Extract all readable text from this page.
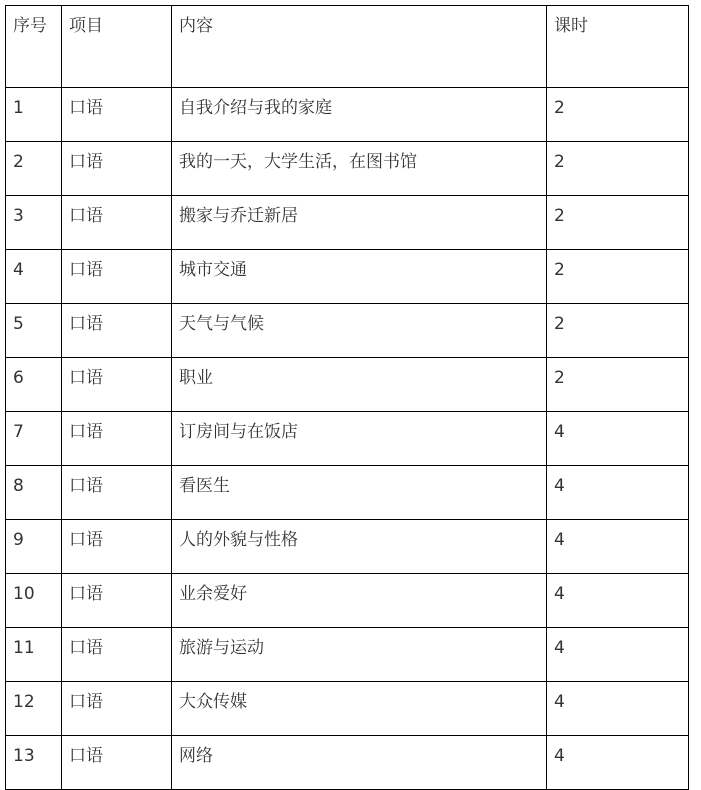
序号	项目	内容	课时

1	口语	自我介绍与我的家庭	2

2	口语	我的一天，大学生活，在图书馆	2

3	口语	搬家与乔迁新居	2

4	口语	城市交通	2

5	口语	天气与气候	2

6	口语	职业	2

7	口语	订房间与在饭店	4

8	口语	看医生	4

9	口语	人的外貌与性格	4

10	口语	业余爱好	4

11	口语	旅游与运动	4

12	口语	大众传媒	4

13	口语	网络	4
